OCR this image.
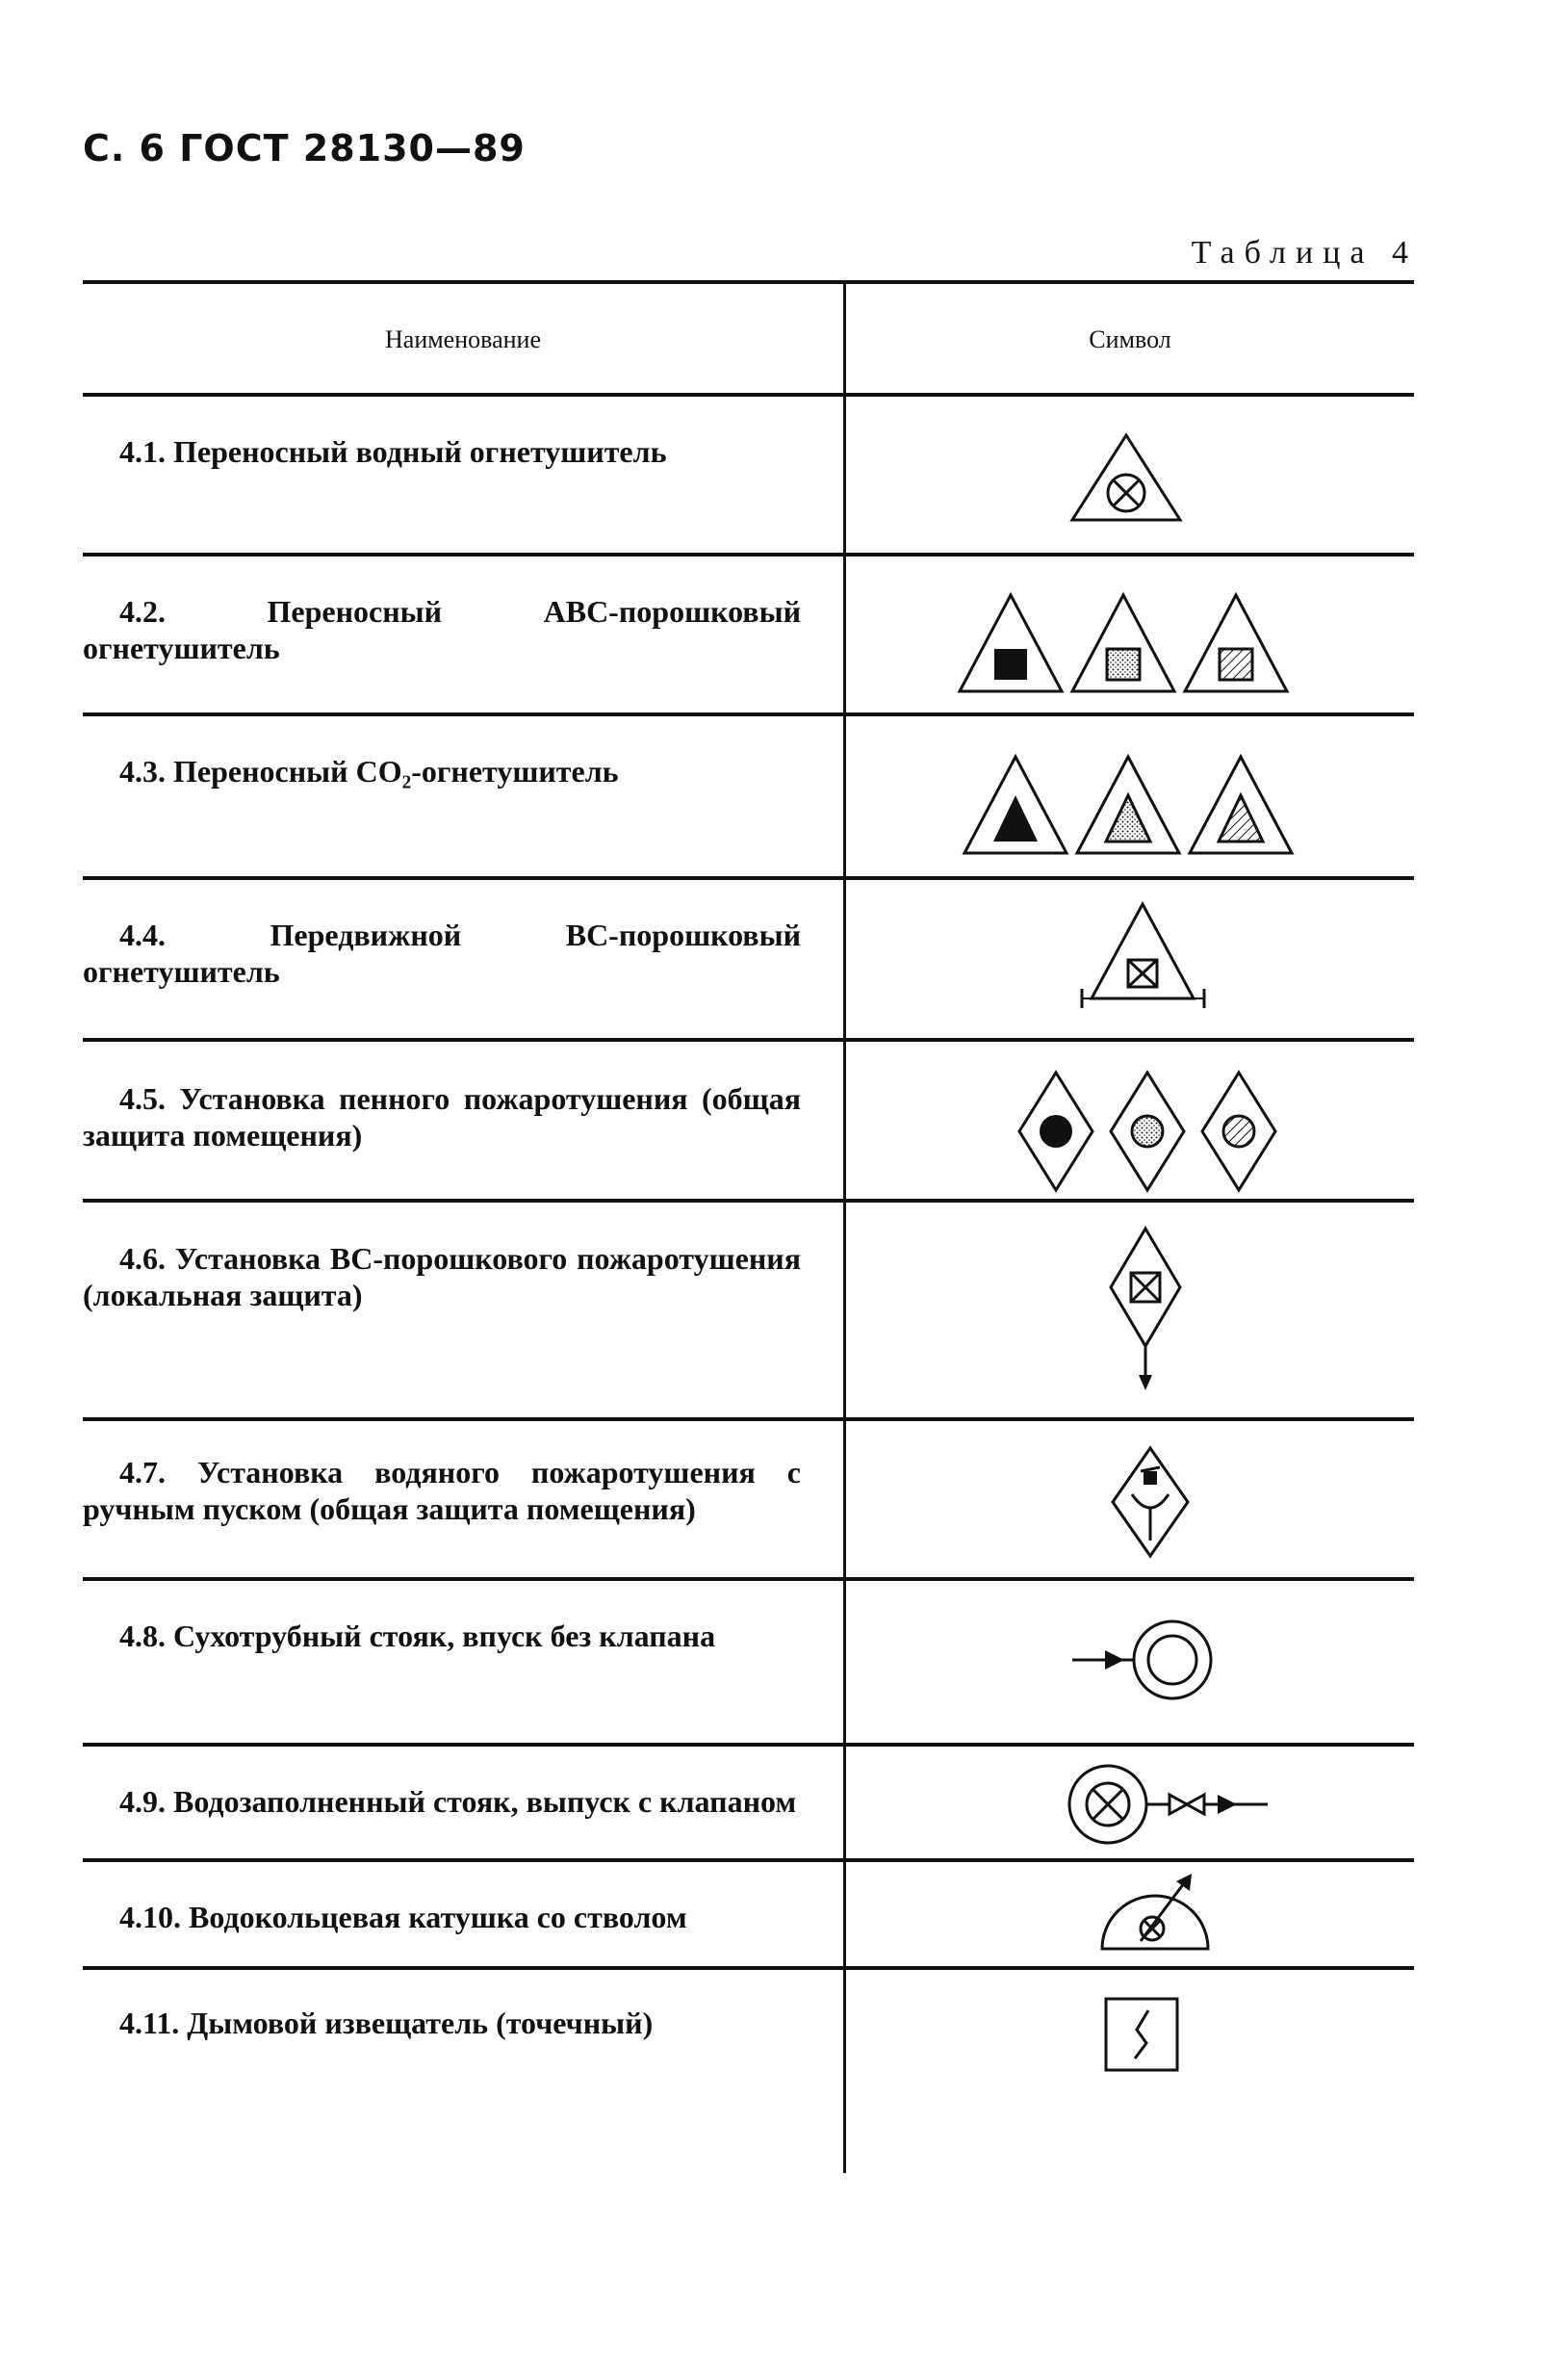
С. 6 ГОСТ 28130—89
Таблица 4
Наименование	Символ
4.1. Переносный водный огнетушитель
4.2. Переносный АВС-порошковый огнетушитель
4.3. Переносный CO₂-огнетушитель
4.4. Передвижной ВС-порошковый огнетушитель
4.5. Установка пенного пожаротушения (общая защита помещения)
4.6. Установка ВС-порошкового пожаротушения (локальная защита)
4.7. Установка водяного пожаротушения с ручным пуском (общая защита помещения)
4.8. Сухотрубный стояк, впуск без клапана
4.9. Водозаполненный стояк, выпуск с клапаном
4.10. Водокольцевая катушка со стволом
4.11. Дымовой извещатель (точечный)
